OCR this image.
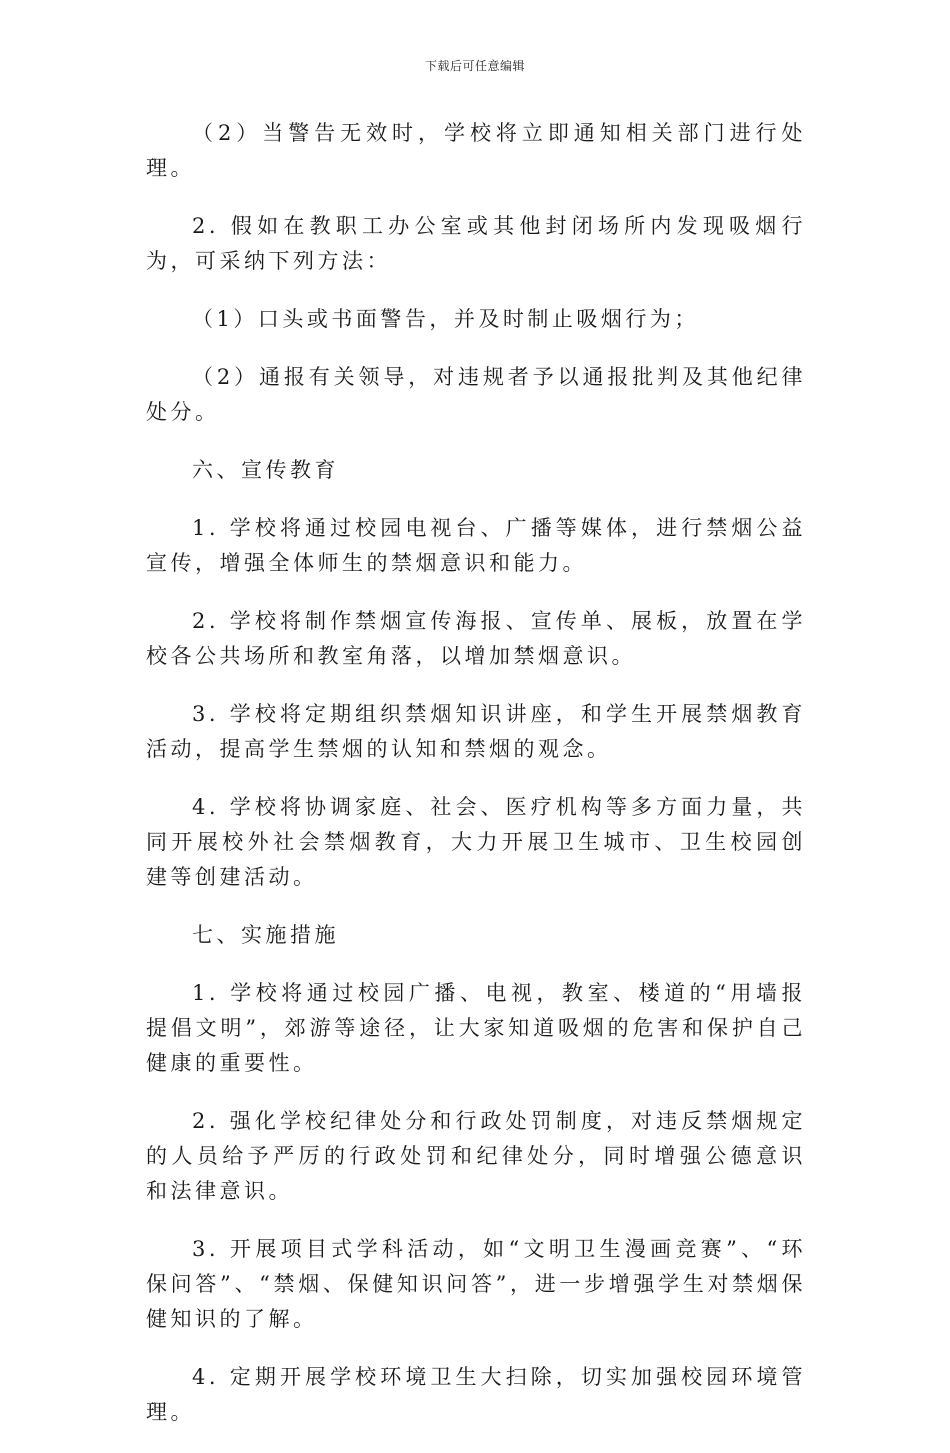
下载后可任意编辑

（2）当警告无效时，学校将立即通知相关部门进行处理。

2. 假如在教职工办公室或其他封闭场所内发现吸烟行为，可采纳下列方法：

（1）口头或书面警告，并及时制止吸烟行为；

（2）通报有关领导，对违规者予以通报批判及其他纪律处分。

六、宣传教育

1. 学校将通过校园电视台、广播等媒体，进行禁烟公益宣传，增强全体师生的禁烟意识和能力。

2. 学校将制作禁烟宣传海报、宣传单、展板，放置在学校各公共场所和教室角落，以增加禁烟意识。

3. 学校将定期组织禁烟知识讲座，和学生开展禁烟教育活动，提高学生禁烟的认知和禁烟的观念。

4. 学校将协调家庭、社会、医疗机构等多方面力量，共同开展校外社会禁烟教育，大力开展卫生城市、卫生校园创建等创建活动。

七、实施措施

1. 学校将通过校园广播、电视，教室、楼道的“用墙报提倡文明”，郊游等途径，让大家知道吸烟的危害和保护自己健康的重要性。

2. 强化学校纪律处分和行政处罚制度，对违反禁烟规定的人员给予严厉的行政处罚和纪律处分，同时增强公德意识和法律意识。

3. 开展项目式学科活动，如“文明卫生漫画竞赛”、“环保问答”、“禁烟、保健知识问答”，进一步增强学生对禁烟保健知识的了解。

4. 定期开展学校环境卫生大扫除，切实加强校园环境管理。
